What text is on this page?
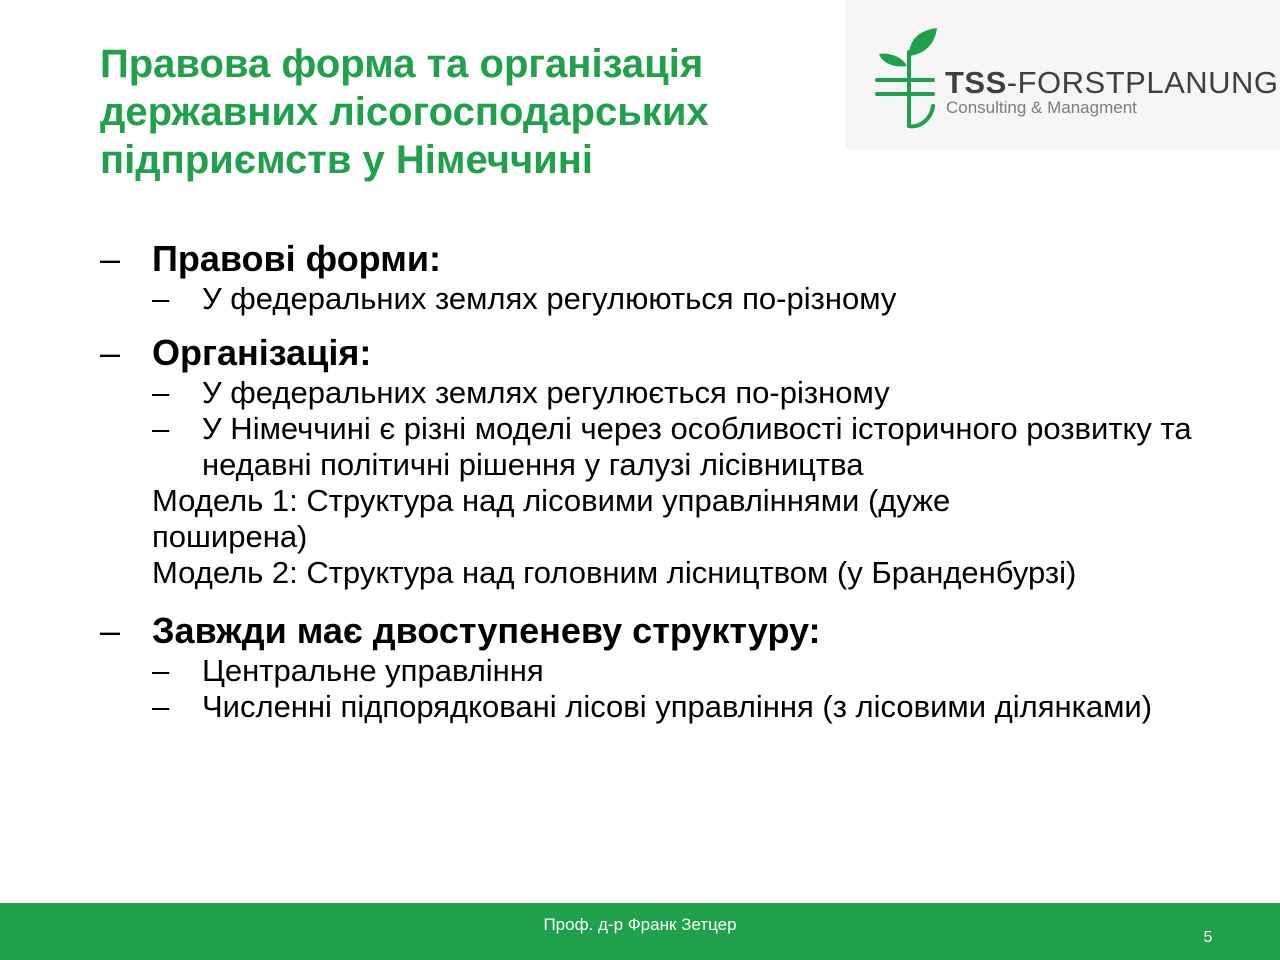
Правова форма та організація державних лісогосподарських підприємств у Німеччині
TSS-FORSTPLANUNG
Consulting & Managment
– Правові форми:
– У федеральних землях регулюються по-різному
– Організація:
– У федеральних землях регулюється по-різному
– У Німеччині є різні моделі через особливості історичного розвитку та недавні політичні рішення у галузі лісівництва
Модель 1: Структура над лісовими управліннями (дуже поширена)
Модель 2: Структура над головним лісництвом (у Бранденбурзі)
– Завжди має двоступеневу структуру:
– Центральне управління
– Численні підпорядковані лісові управління (з лісовими ділянками)
Проф. д-р Франк Зетцер
5
